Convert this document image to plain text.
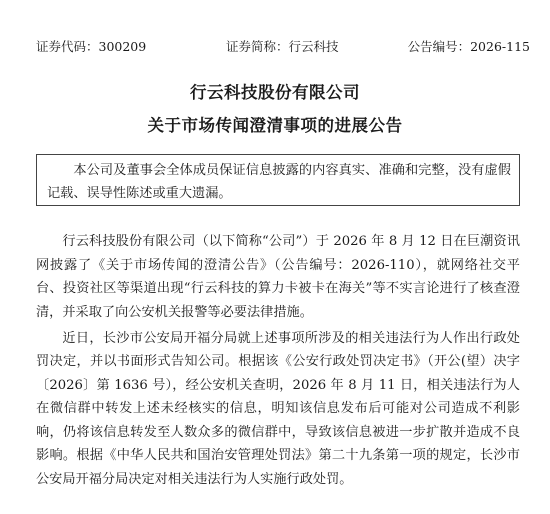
证券代码：300209	证券简称：行云科技	公告编号：2026-115
行云科技股份有限公司
关于市场传闻澄清事项的进展公告
本公司及董事会全体成员保证信息披露的内容真实、准确和完整，没有虚假记载、误导性陈述或重大遗漏。

行云科技股份有限公司（以下简称“公司”）于 2026 年 8 月 12 日在巨潮资讯网披露了《关于市场传闻的澄清公告》（公告编号：2026-110），就网络社交平台、投资社区等渠道出现“行云科技的算力卡被卡在海关”等不实言论进行了核查澄清，并采取了向公安机关报警等必要法律措施。

近日，长沙市公安局开福分局就上述事项所涉及的相关违法行为人作出行政处罚决定，并以书面形式告知公司。根据该《公安行政处罚决定书》（开公(望）决字〔2026〕第 1636 号），经公安机关查明，2026 年 8 月 11 日，相关违法行为人在微信群中转发上述未经核实的信息，明知该信息发布后可能对公司造成不利影响，仍将该信息转发至人数众多的微信群中，导致该信息被进一步扩散并造成不良影响。根据《中华人民共和国治安管理处罚法》第二十九条第一项的规定，长沙市公安局开福分局决定对相关违法行为人实施行政处罚。
